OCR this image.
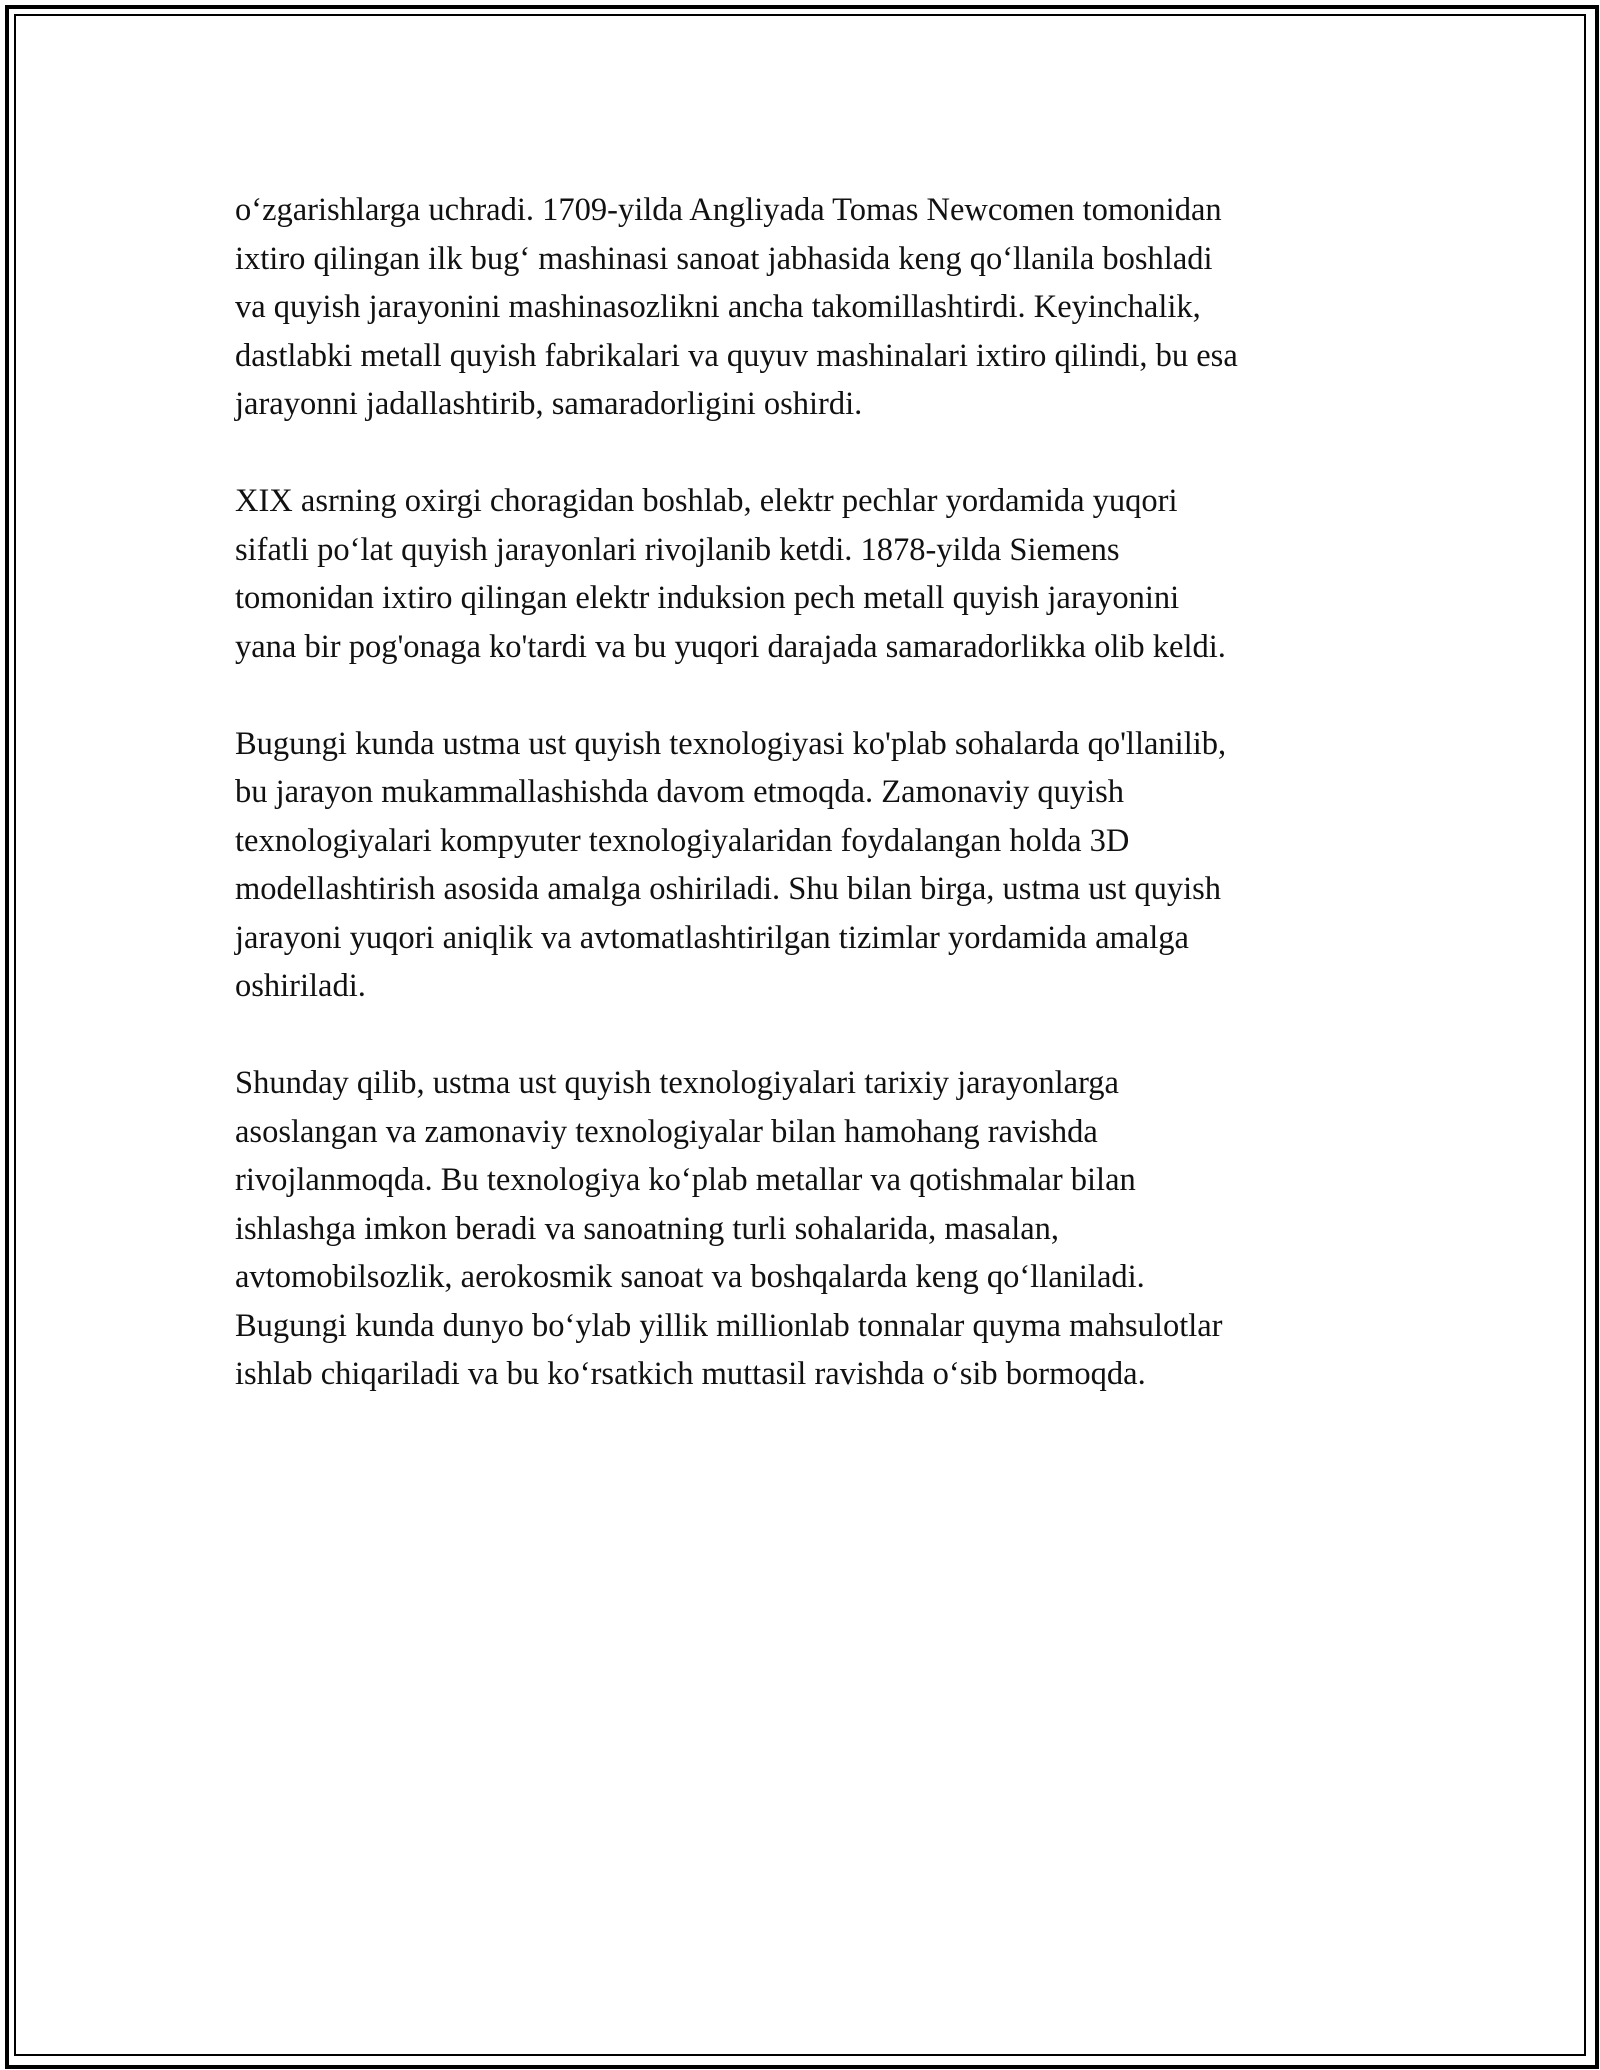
o‘zgarishlarga uchradi. 1709-yilda Angliyada Tomas Newcomen tomonidan
ixtiro qilingan ilk bug‘ mashinasi sanoat jabhasida keng qo‘llanila boshladi
va quyish jarayonini mashinasozlikni ancha takomillashtirdi. Keyinchalik,
dastlabki metall quyish fabrikalari va quyuv mashinalari ixtiro qilindi, bu esa
jarayonni jadallashtirib, samaradorligini oshirdi.

XIX asrning oxirgi choragidan boshlab, elektr pechlar yordamida yuqori
sifatli po‘lat quyish jarayonlari rivojlanib ketdi. 1878-yilda Siemens
tomonidan ixtiro qilingan elektr induksion pech metall quyish jarayonini
yana bir pog'onaga ko'tardi va bu yuqori darajada samaradorlikka olib keldi.

Bugungi kunda ustma ust quyish texnologiyasi ko'plab sohalarda qo'llanilib,
bu jarayon mukammallashishda davom etmoqda. Zamonaviy quyish
texnologiyalari kompyuter texnologiyalaridan foydalangan holda 3D
modellashtirish asosida amalga oshiriladi. Shu bilan birga, ustma ust quyish
jarayoni yuqori aniqlik va avtomatlashtirilgan tizimlar yordamida amalga
oshiriladi.

Shunday qilib, ustma ust quyish texnologiyalari tarixiy jarayonlarga
asoslangan va zamonaviy texnologiyalar bilan hamohang ravishda
rivojlanmoqda. Bu texnologiya ko‘plab metallar va qotishmalar bilan
ishlashga imkon beradi va sanoatning turli sohalarida, masalan,
avtomobilsozlik, aerokosmik sanoat va boshqalarda keng qo‘llaniladi.
Bugungi kunda dunyo bo‘ylab yillik millionlab tonnalar quyma mahsulotlar
ishlab chiqariladi va bu ko‘rsatkich muttasil ravishda o‘sib bormoqda.
